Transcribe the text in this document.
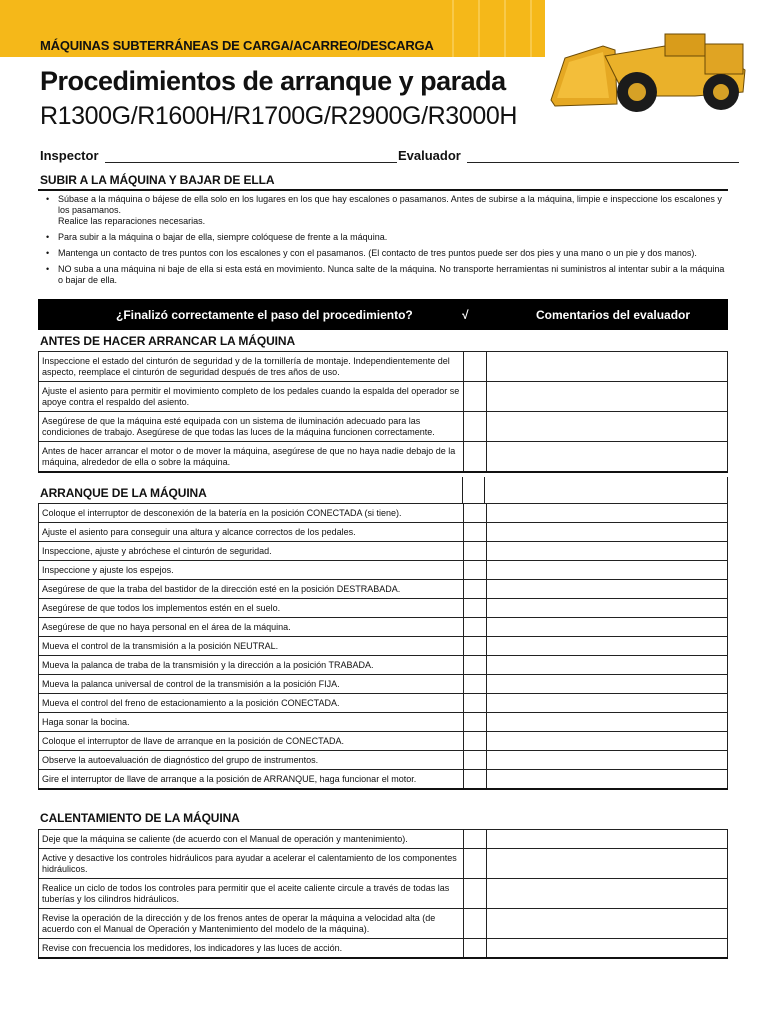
MÁQUINAS SUBTERRÁNEAS DE CARGA/ACARREO/DESCARGA
Procedimientos de arranque y parada
R1300G/R1600H/R1700G/R2900G/R3000H
Inspector	Evaluador
SUBIR A LA MÁQUINA Y BAJAR DE ELLA
• Súbase a la máquina o bájese de ella solo en los lugares en los que hay escalones o pasamanos. Antes de subirse a la máquina, limpie e inspeccione los escalones y los pasamanos.
Realice las reparaciones necesarias.
• Para subir a la máquina o bajar de ella, siempre colóquese de frente a la máquina.
• Mantenga un contacto de tres puntos con los escalones y con el pasamanos. (El contacto de tres puntos puede ser dos pies y una mano o un pie y dos manos).
• NO suba a una máquina ni baje de ella si esta está en movimiento. Nunca salte de la máquina. No transporte herramientas ni suministros al intentar subir a la máquina o bajar de ella.
¿Finalizó correctamente el paso del procedimiento?	√	Comentarios del evaluador
ANTES DE HACER ARRANCAR LA MÁQUINA
Inspeccione el estado del cinturón de seguridad y de la tornillería de montaje. Independientemente del aspecto, reemplace el cinturón de seguridad después de tres años de uso.		
Ajuste el asiento para permitir el movimiento completo de los pedales cuando la espalda del operador se apoye contra el respaldo del asiento.		
Asegúrese de que la máquina esté equipada con un sistema de iluminación adecuado para las condiciones de trabajo. Asegúrese de que todas las luces de la máquina funcionen correctamente.		
Antes de hacer arrancar el motor o de mover la máquina, asegúrese de que no haya nadie debajo de la máquina, alrededor de ella o sobre la máquina.		
ARRANQUE DE LA MÁQUINA
Coloque el interruptor de desconexión de la batería en la posición CONECTADA (si tiene).		
Ajuste el asiento para conseguir una altura y alcance correctos de los pedales.		
Inspeccione, ajuste y abróchese el cinturón de seguridad.		
Inspeccione y ajuste los espejos.		
Asegúrese de que la traba del bastidor de la dirección esté en la posición DESTRABADA.		
Asegúrese de que todos los implementos estén en el suelo.		
Asegúrese de que no haya personal en el área de la máquina.		
Mueva el control de la transmisión a la posición NEUTRAL.		
Mueva la palanca de traba de la transmisión y la dirección a la posición TRABADA.		
Mueva la palanca universal de control de la transmisión a la posición FIJA.		
Mueva el control del freno de estacionamiento a la posición CONECTADA.		
Haga sonar la bocina.		
Coloque el interruptor de llave de arranque en la posición de CONECTADA.		
Observe la autoevaluación de diagnóstico del grupo de instrumentos.		
Gire el interruptor de llave de arranque a la posición de ARRANQUE, haga funcionar el motor.		
CALENTAMIENTO DE LA MÁQUINA
Deje que la máquina se caliente (de acuerdo con el Manual de operación y mantenimiento).		
Active y desactive los controles hidráulicos para ayudar a acelerar el calentamiento de los componentes hidráulicos.		
Realice un ciclo de todos los controles para permitir que el aceite caliente circule a través de todas las tuberías y los cilindros hidráulicos.		
Revise la operación de la dirección y de los frenos antes de operar la máquina a velocidad alta (de acuerdo con el Manual de Operación y Mantenimiento del modelo de la máquina).		
Revise con frecuencia los medidores, los indicadores y las luces de acción.		
